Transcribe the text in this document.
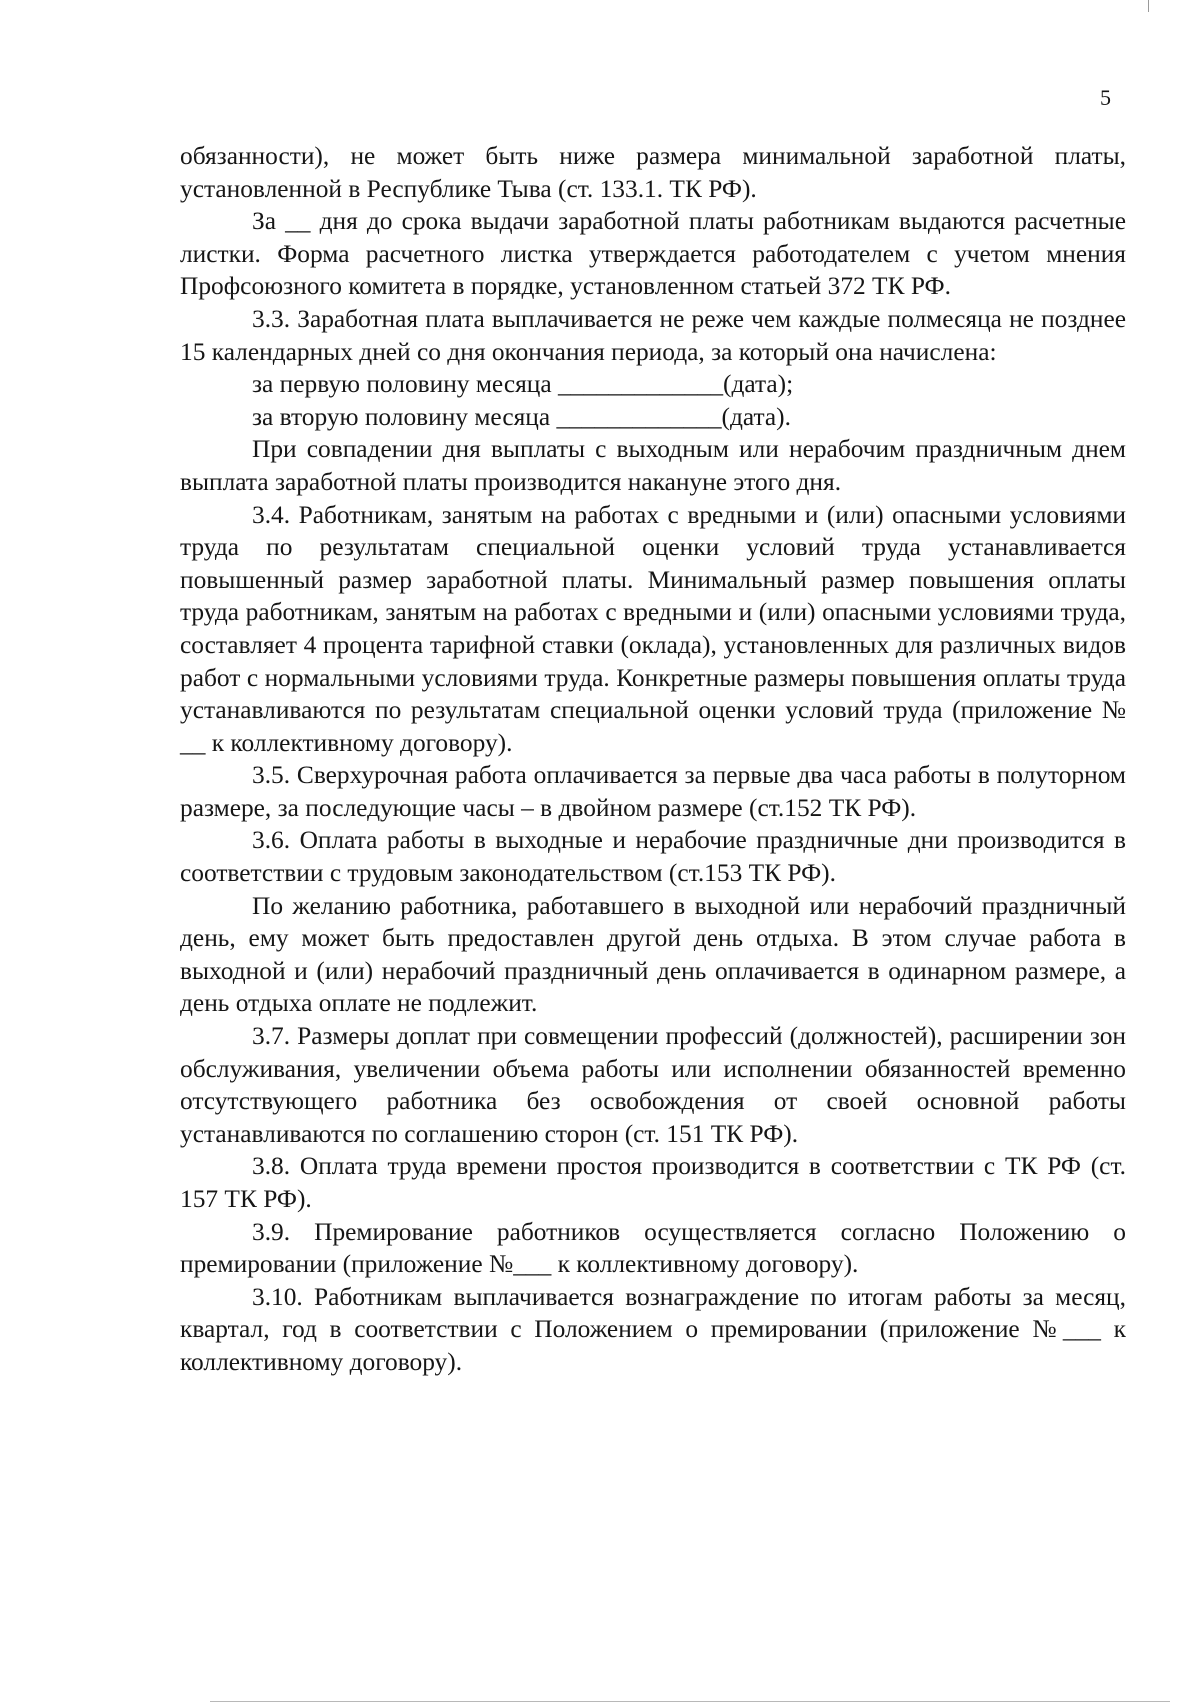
5

обязанности), не может быть ниже размера минимальной заработной платы, установленной в Республике Тыва (ст. 133.1. ТК РФ).

За __ дня до срока выдачи заработной платы работникам выдаются расчетные листки. Форма расчетного листка утверждается работодателем с учетом мнения Профсоюзного комитета в порядке, установленном статьей 372 ТК РФ.

3.3. Заработная плата выплачивается не реже чем каждые полмесяца не позднее 15 календарных дней со дня окончания периода, за который она начислена:

за первую половину месяца _____________(дата);
за вторую половину месяца _____________(дата).

При совпадении дня выплаты с выходным или нерабочим праздничным днем выплата заработной платы производится накануне этого дня.

3.4. Работникам, занятым на работах с вредными и (или) опасными условиями труда по результатам специальной оценки условий труда устанавливается повышенный размер заработной платы. Минимальный размер повышения оплаты труда работникам, занятым на работах с вредными и (или) опасными условиями труда, составляет 4 процента тарифной ставки (оклада), установленных для различных видов работ с нормальными условиями труда. Конкретные размеры повышения оплаты труда устанавливаются по результатам специальной оценки условий труда (приложение № __ к коллективному договору).

3.5. Сверхурочная работа оплачивается за первые два часа работы в полуторном размере, за последующие часы – в двойном размере (ст.152 ТК РФ).

3.6. Оплата работы в выходные и нерабочие праздничные дни производится в соответствии с трудовым законодательством (ст.153 ТК РФ).

По желанию работника, работавшего в выходной или нерабочий праздничный день, ему может быть предоставлен другой день отдыха. В этом случае работа в выходной и (или) нерабочий праздничный день оплачивается в одинарном размере, а день отдыха оплате не подлежит.

3.7. Размеры доплат при совмещении профессий (должностей), расширении зон обслуживания, увеличении объема работы или исполнении обязанностей временно отсутствующего работника без освобождения от своей основной работы устанавливаются по соглашению сторон (ст. 151 ТК РФ).

3.8. Оплата труда времени простоя производится в соответствии с ТК РФ (ст. 157 ТК РФ).

3.9. Премирование работников осуществляется согласно Положению о премировании (приложение №___ к коллективному договору).

3.10. Работникам выплачивается вознаграждение по итогам работы за месяц, квартал, год в соответствии с Положением о премировании (приложение №___ к коллективному договору).
